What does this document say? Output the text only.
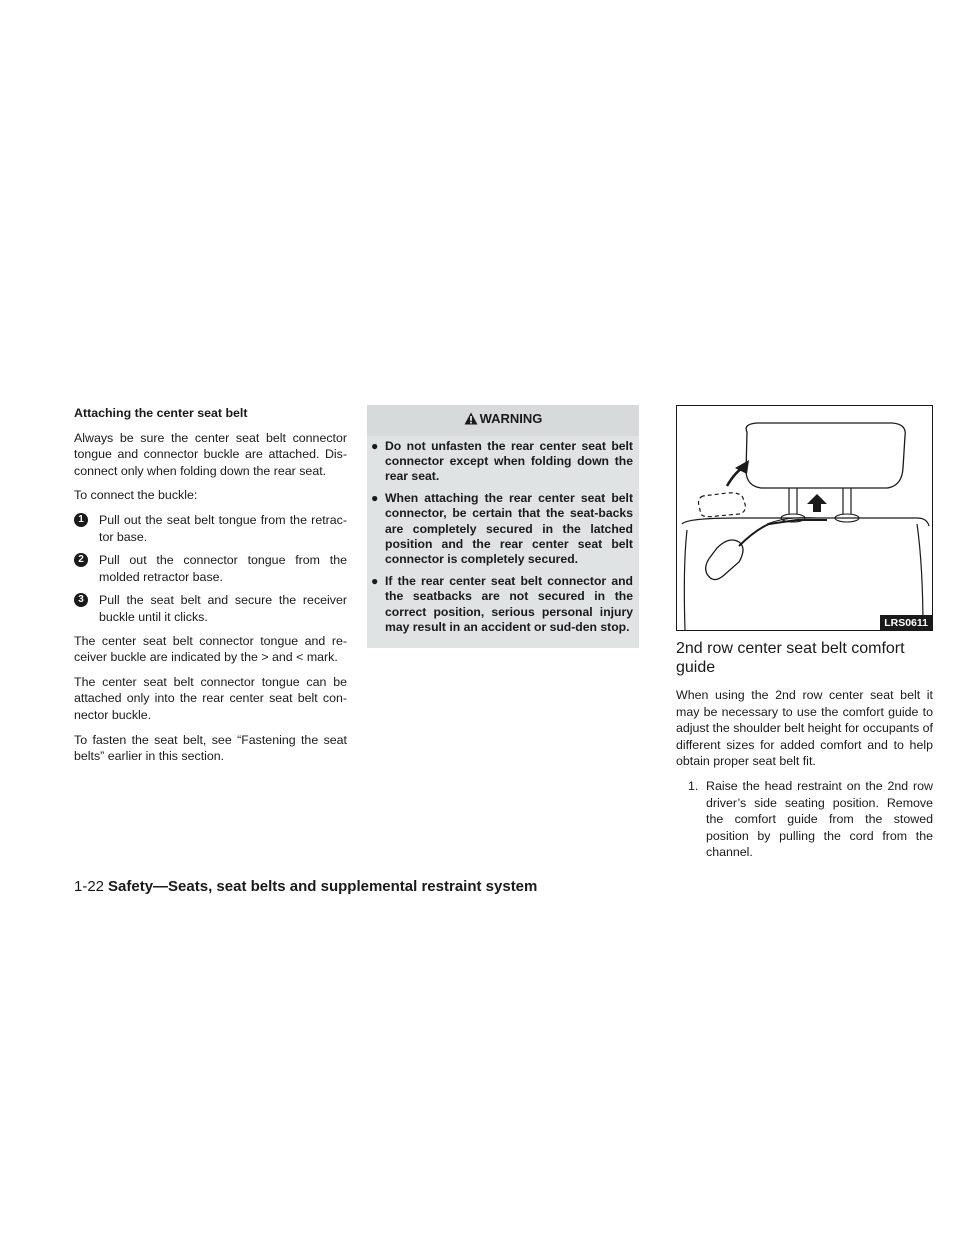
Attaching the center seat belt

Always be sure the center seat belt connector tongue and connector buckle are attached. Dis-connect only when folding down the rear seat.

To connect the buckle:

1	Pull out the seat belt tongue from the retrac-tor base.
2	Pull out the connector tongue from the molded retractor base.
3	Pull the seat belt and secure the receiver buckle until it clicks.

The center seat belt connector tongue and re-ceiver buckle are indicated by the > and < mark.

The center seat belt connector tongue can be attached only into the rear center seat belt con-nector buckle.

To fasten the seat belt, see “Fastening the seat belts” earlier in this section.

WARNING
● Do not unfasten the rear center seat belt connector except when folding down the rear seat.
● When attaching the rear center seat belt connector, be certain that the seat-backs are completely secured in the latched position and the rear center seat belt connector is completely secured.
● If the rear center seat belt connector and the seatbacks are not secured in the correct position, serious personal injury may result in an accident or sud-den stop.	LRS0611
2nd row center seat belt comfort guide

When using the 2nd row center seat belt it may be necessary to use the comfort guide to adjust the shoulder belt height for occupants of different sizes for added comfort and to help obtain proper seat belt fit.

1. Raise the head restraint on the 2nd row driver’s side seating position. Remove the comfort guide from the stowed position by pulling the cord from the channel.
1-22 Safety—Seats, seat belts and supplemental restraint system
